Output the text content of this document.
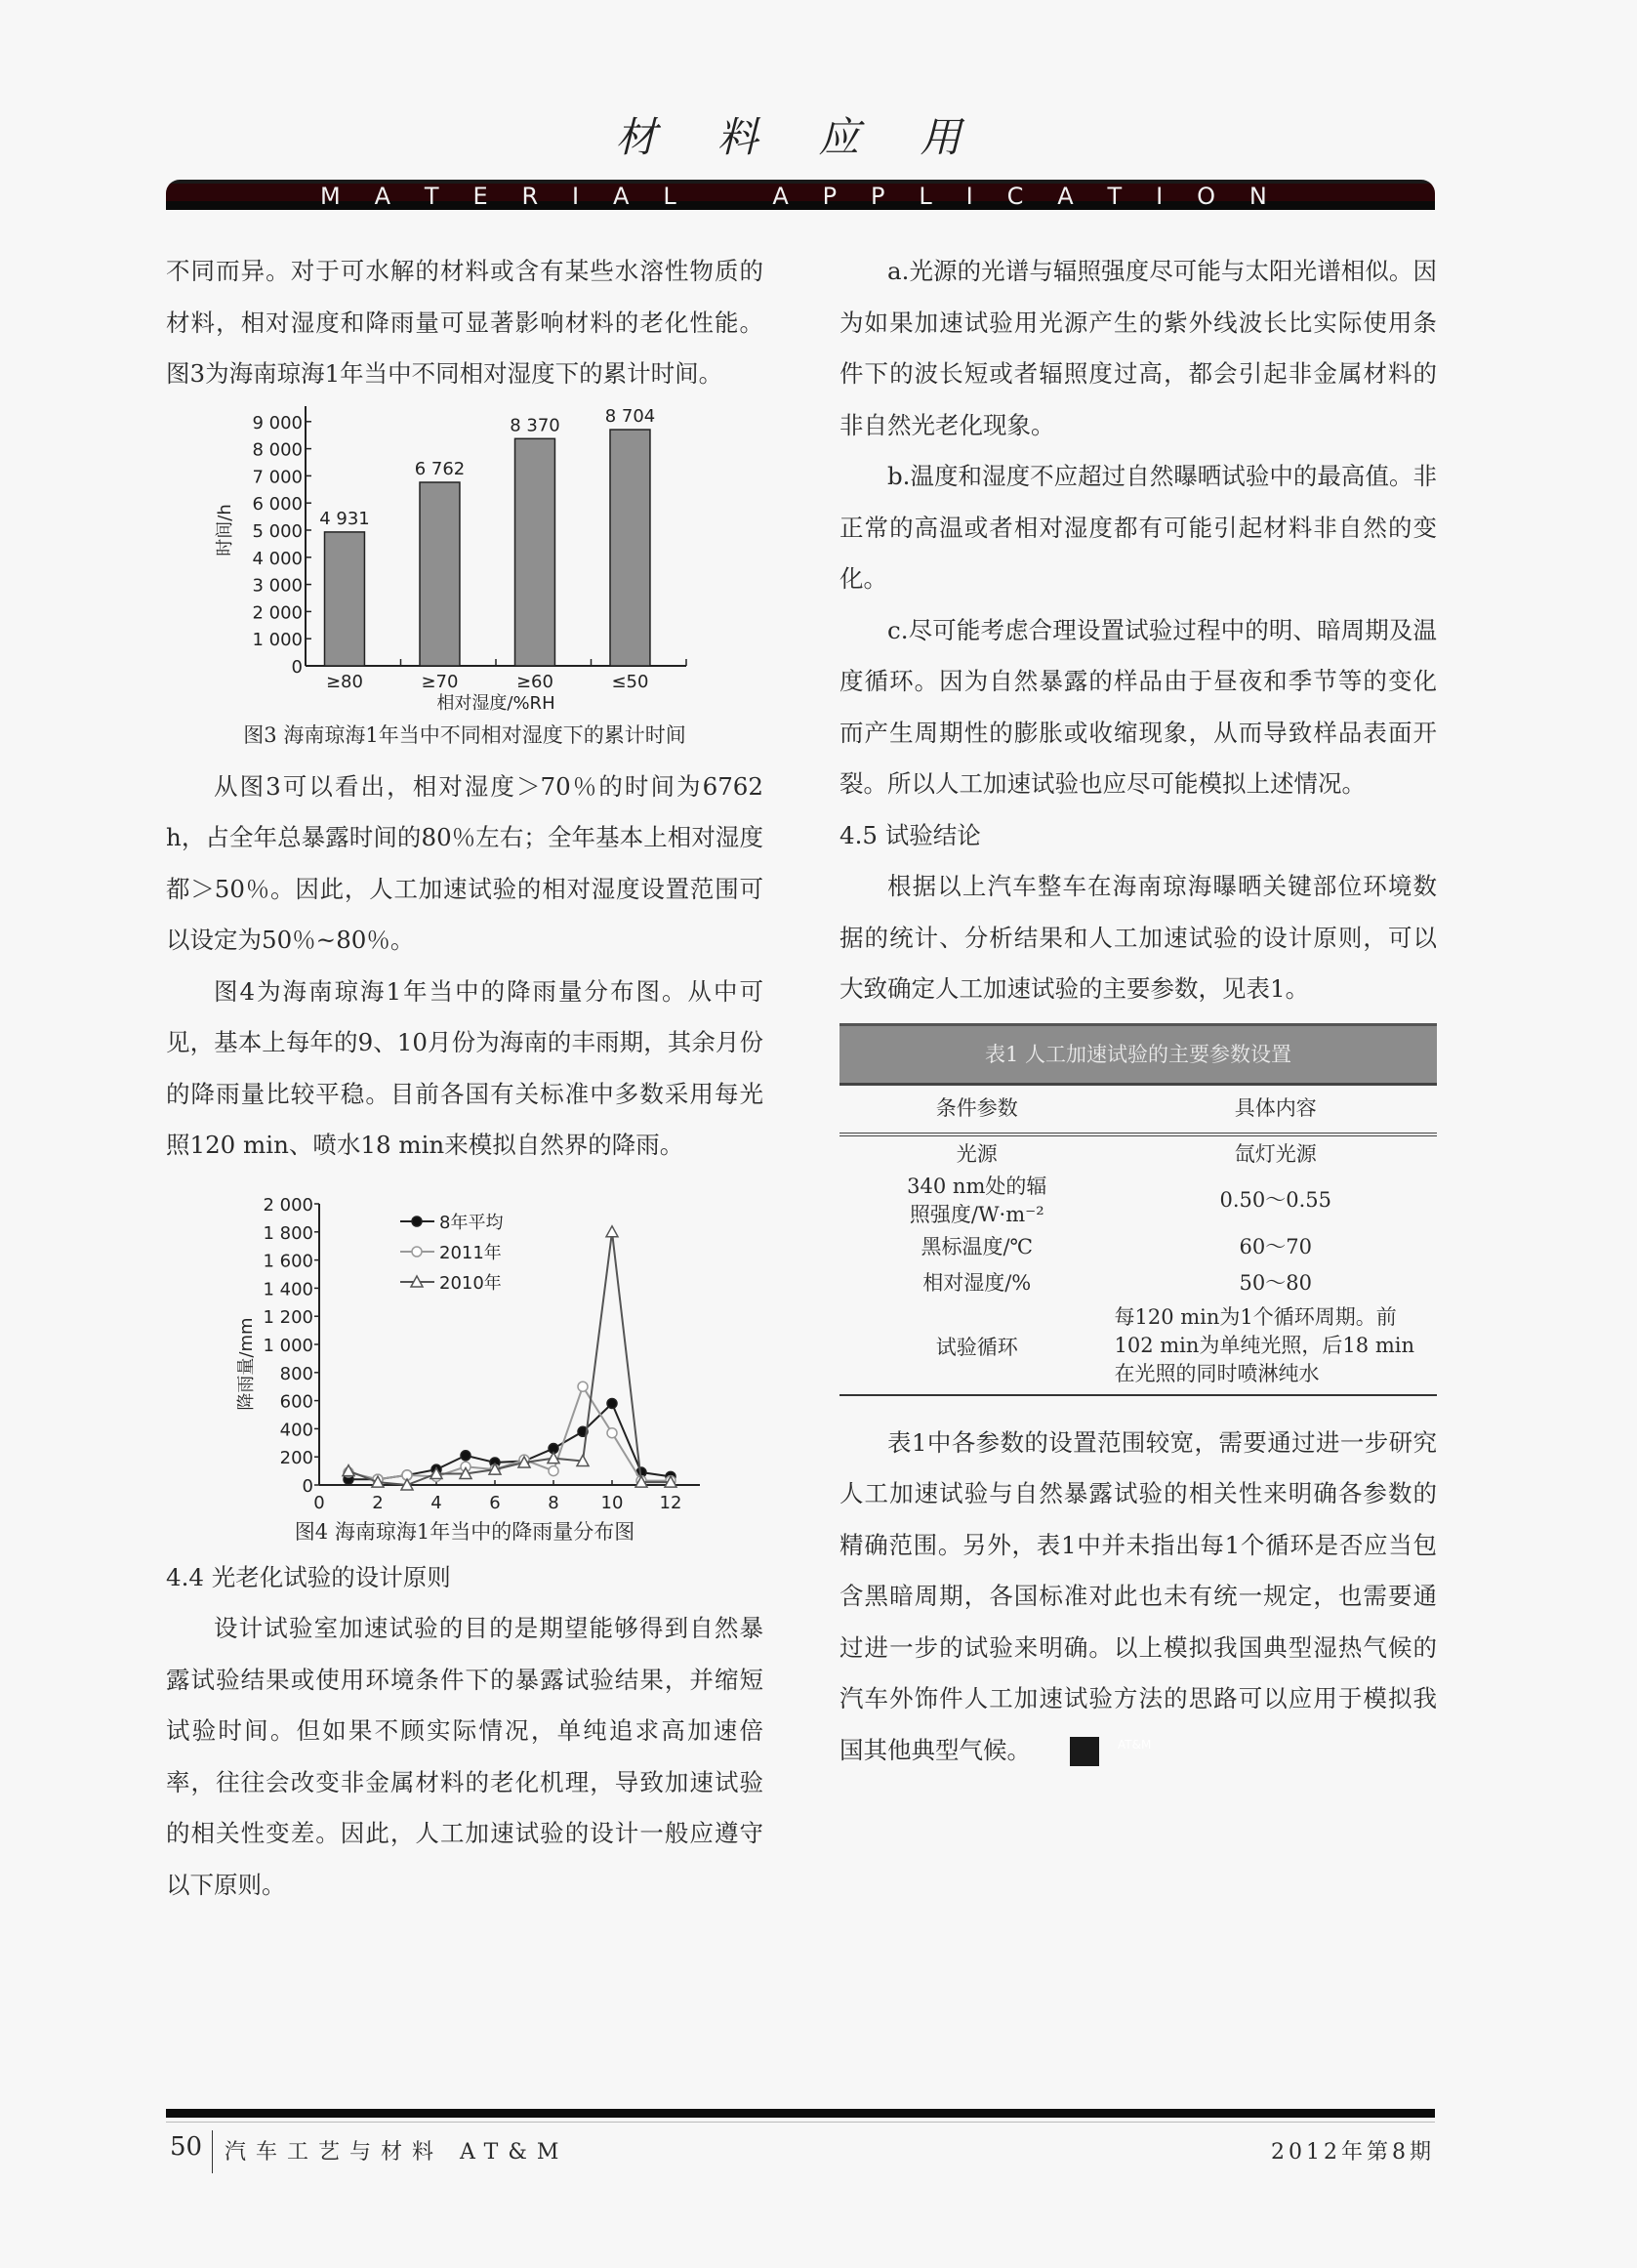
材料应用
M   A   T   E   R   I   A   L         A   P   P   L   I   C   A   T   I   O   N

不同而异。对于可水解的材料或含有某些水溶性物质的材料，相对湿度和降雨量可显著影响材料的老化性能。图3为海南琼海1年当中不同相对湿度下的累计时间。

0
1 000
2 000
3 000
4 000
5 000
6 000
7 000
8 000
9 000
4 931
≥80
6 762
≥70
8 370
≥60
8 704
≤50
相对湿度/%RH
时间/h
图3 海南琼海1年当中不同相对湿度下的累计时间

从图3可以看出，相对湿度＞70％的时间为6762 h，占全年总暴露时间的80％左右；全年基本上相对湿度都＞50％。因此，人工加速试验的相对湿度设置范围可以设定为50％~80％。

图4为海南琼海1年当中的降雨量分布图。从中可见，基本上每年的9、10月份为海南的丰雨期，其余月份的降雨量比较平稳。目前各国有关标准中多数采用每光照120 min、喷水18 min来模拟自然界的降雨。

0
200
400
600
800
1 000
1 200
1 400
1 600
1 800
2 000
0	2	4	6	8 10 12
降雨量/mm
8年平均
2011年
2010年
图4 海南琼海1年当中的降雨量分布图
4.4 光老化试验的设计原则

设计试验室加速试验的目的是期望能够得到自然暴露试验结果或使用环境条件下的暴露试验结果，并缩短试验时间。但如果不顾实际情况，单纯追求高加速倍率，往往会改变非金属材料的老化机理，导致加速试验的相关性变差。因此，人工加速试验的设计一般应遵守以下原则。

a.光源的光谱与辐照强度尽可能与太阳光谱相似。因为如果加速试验用光源产生的紫外线波长比实际使用条件下的波长短或者辐照度过高，都会引起非金属材料的非自然光老化现象。

b.温度和湿度不应超过自然曝晒试验中的最高值。非正常的高温或者相对湿度都有可能引起材料非自然的变化。

c.尽可能考虑合理设置试验过程中的明、暗周期及温度循环。因为自然暴露的样品由于昼夜和季节等的变化而产生周期性的膨胀或收缩现象，从而导致样品表面开裂。所以人工加速试验也应尽可能模拟上述情况。

4.5 试验结论

根据以上汽车整车在海南琼海曝晒关键部位环境数据的统计、分析结果和人工加速试验的设计原则，可以大致确定人工加速试验的主要参数，见表1。

表1 人工加速试验的主要参数设置
条件参数	具体内容
光源	氙灯光源
340 nm处的辐照强度/W·m⁻²	0.50～0.55
黑标温度/℃	60～70
相对湿度/%	50～80
试验循环	每120 min为1个循环周期。前102 min为单纯光照，后18 min在光照的同时喷淋纯水

表1中各参数的设置范围较宽，需要通过进一步研究人工加速试验与自然暴露试验的相关性来明确各参数的精确范围。另外，表1中并未指出每1个循环是否应当包含黑暗周期，各国标准对此也未有统一规定，也需要通过进一步的试验来明确。以上模拟我国典型湿热气候的汽车外饰件人工加速试验方法的思路可以应用于模拟我国其他典型气候。	AT&M

50 汽车工艺与材料 AT&M	2012年第8期
